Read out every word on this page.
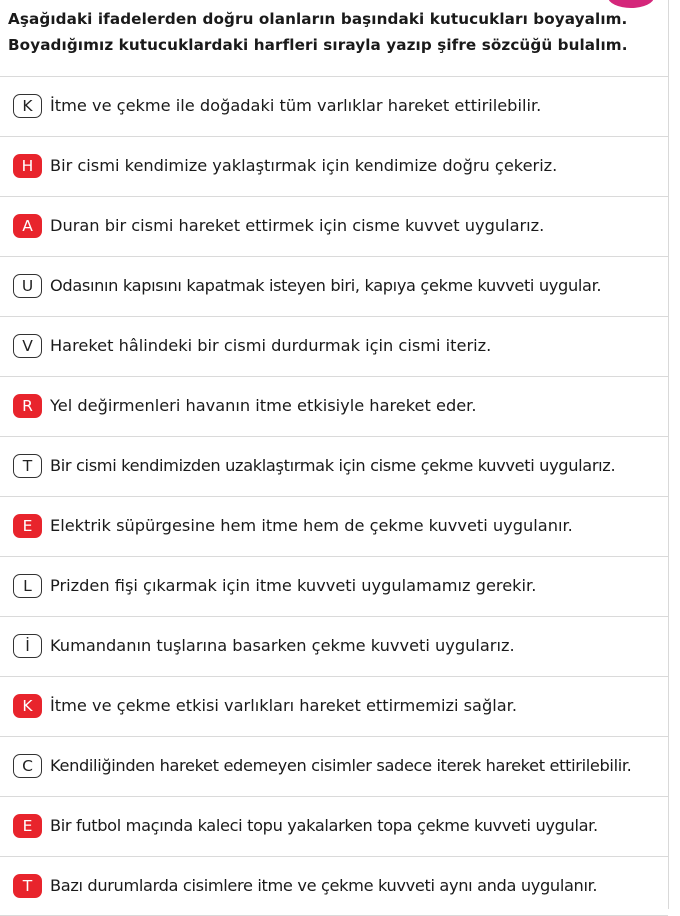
Aşağıdaki ifadelerden doğru olanların başındaki kutucukları boyayalım.
Boyadığımız kutucuklardaki harfleri sırayla yazıp şifre sözcüğü bulalım.
K	İtme ve çekme ile doğadaki tüm varlıklar hareket ettirilebilir.
H	Bir cismi kendimize yaklaştırmak için kendimize doğru çekeriz.
A	Duran bir cismi hareket ettirmek için cisme kuvvet uygularız.
U	Odasının kapısını kapatmak isteyen biri, kapıya çekme kuvveti uygular.
V	Hareket hâlindeki bir cismi durdurmak için cismi iteriz.
R	Yel değirmenleri havanın itme etkisiyle hareket eder.
T	Bir cismi kendimizden uzaklaştırmak için cisme çekme kuvveti uygularız.
E	Elektrik süpürgesine hem itme hem de çekme kuvveti uygulanır.
L	Prizden fişi çıkarmak için itme kuvveti uygulamamız gerekir.
İ	Kumandanın tuşlarına basarken çekme kuvveti uygularız.
K	İtme ve çekme etkisi varlıkları hareket ettirmemizi sağlar.
C	Kendiliğinden hareket edemeyen cisimler sadece iterek hareket ettirilebilir.
E	Bir futbol maçında kaleci topu yakalarken topa çekme kuvveti uygular.
T	Bazı durumlarda cisimlere itme ve çekme kuvveti aynı anda uygulanır.
